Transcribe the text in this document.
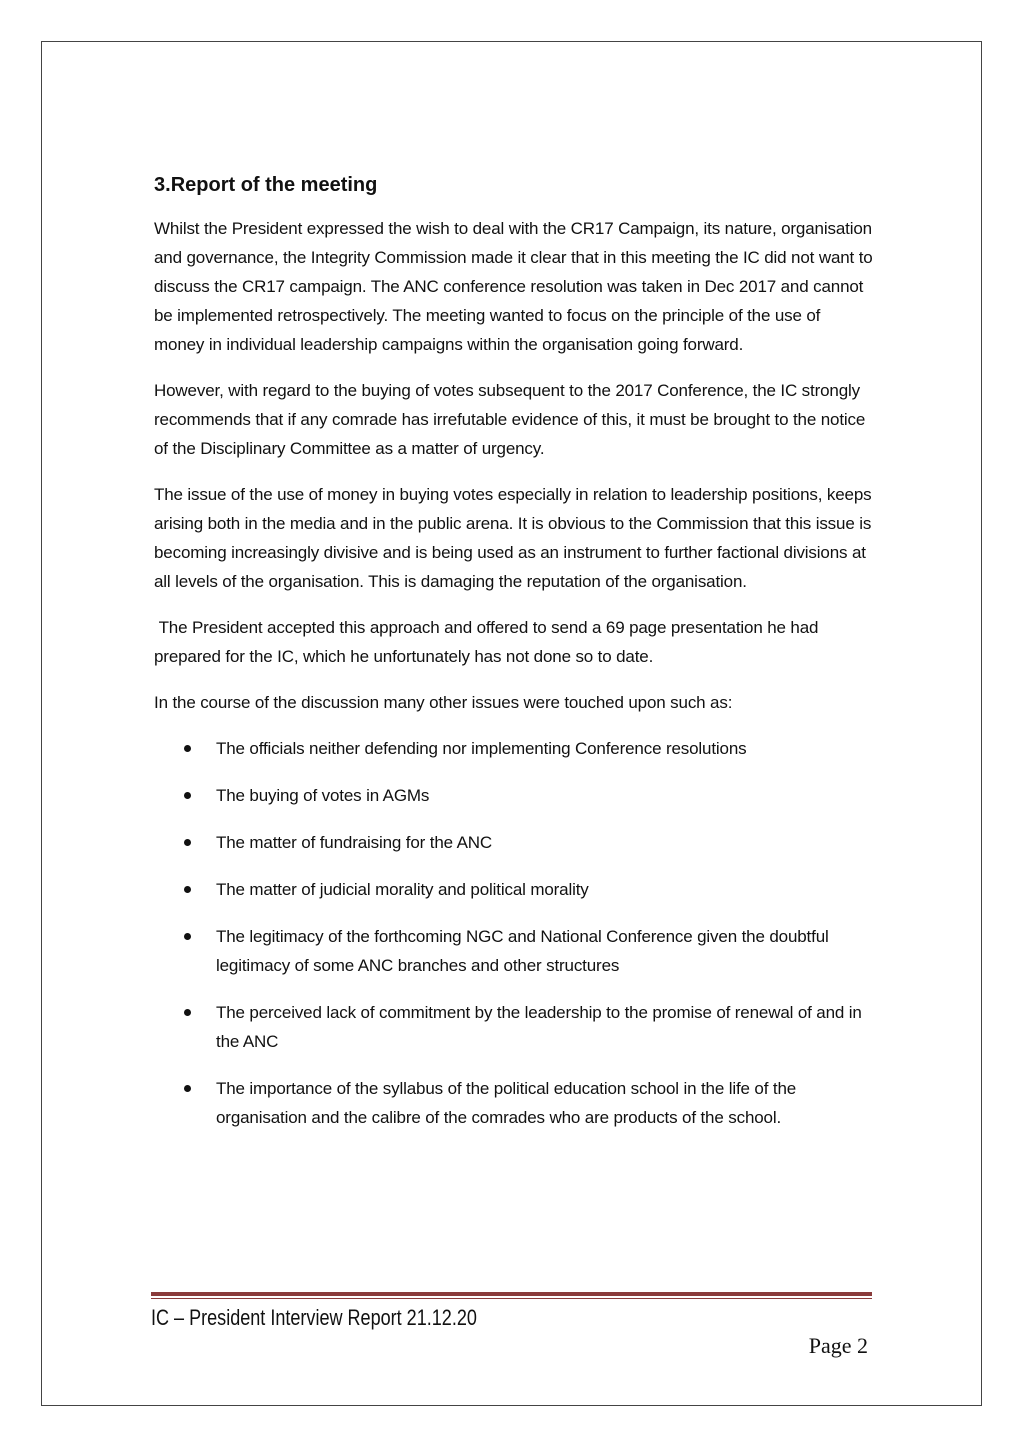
3.Report of the meeting

Whilst the President expressed the wish to deal with the CR17 Campaign, its nature, organisation and governance, the Integrity Commission made it clear that in this meeting the IC did not want to discuss the CR17 campaign. The ANC conference resolution was taken in Dec 2017 and cannot be implemented retrospectively. The meeting wanted to focus on the principle of the use of money in individual leadership campaigns within the organisation going forward.

However, with regard to the buying of votes subsequent to the 2017 Conference, the IC strongly recommends that if any comrade has irrefutable evidence of this, it must be brought to the notice of the Disciplinary Committee as a matter of urgency.

The issue of the use of money in buying votes especially in relation to leadership positions, keeps arising both in the media and in the public arena. It is obvious to the Commission that this issue is becoming increasingly divisive and is being used as an instrument to further factional divisions at all levels of the organisation. This is damaging the reputation of the organisation.

The President accepted this approach and offered to send a 69 page presentation he had prepared for the IC, which he unfortunately has not done so to date.

In the course of the discussion many other issues were touched upon such as:

The officials neither defending nor implementing Conference resolutions
The buying of votes in AGMs
The matter of fundraising for the ANC
The matter of judicial morality and political morality
The legitimacy of the forthcoming NGC and National Conference given the doubtful legitimacy of some ANC branches and other structures
The perceived lack of commitment by the leadership to the promise of renewal of and in the ANC
The importance of the syllabus of the political education school in the life of the organisation and the calibre of the comrades who are products of the school.
IC – President Interview Report 21.12.20
Page 2
